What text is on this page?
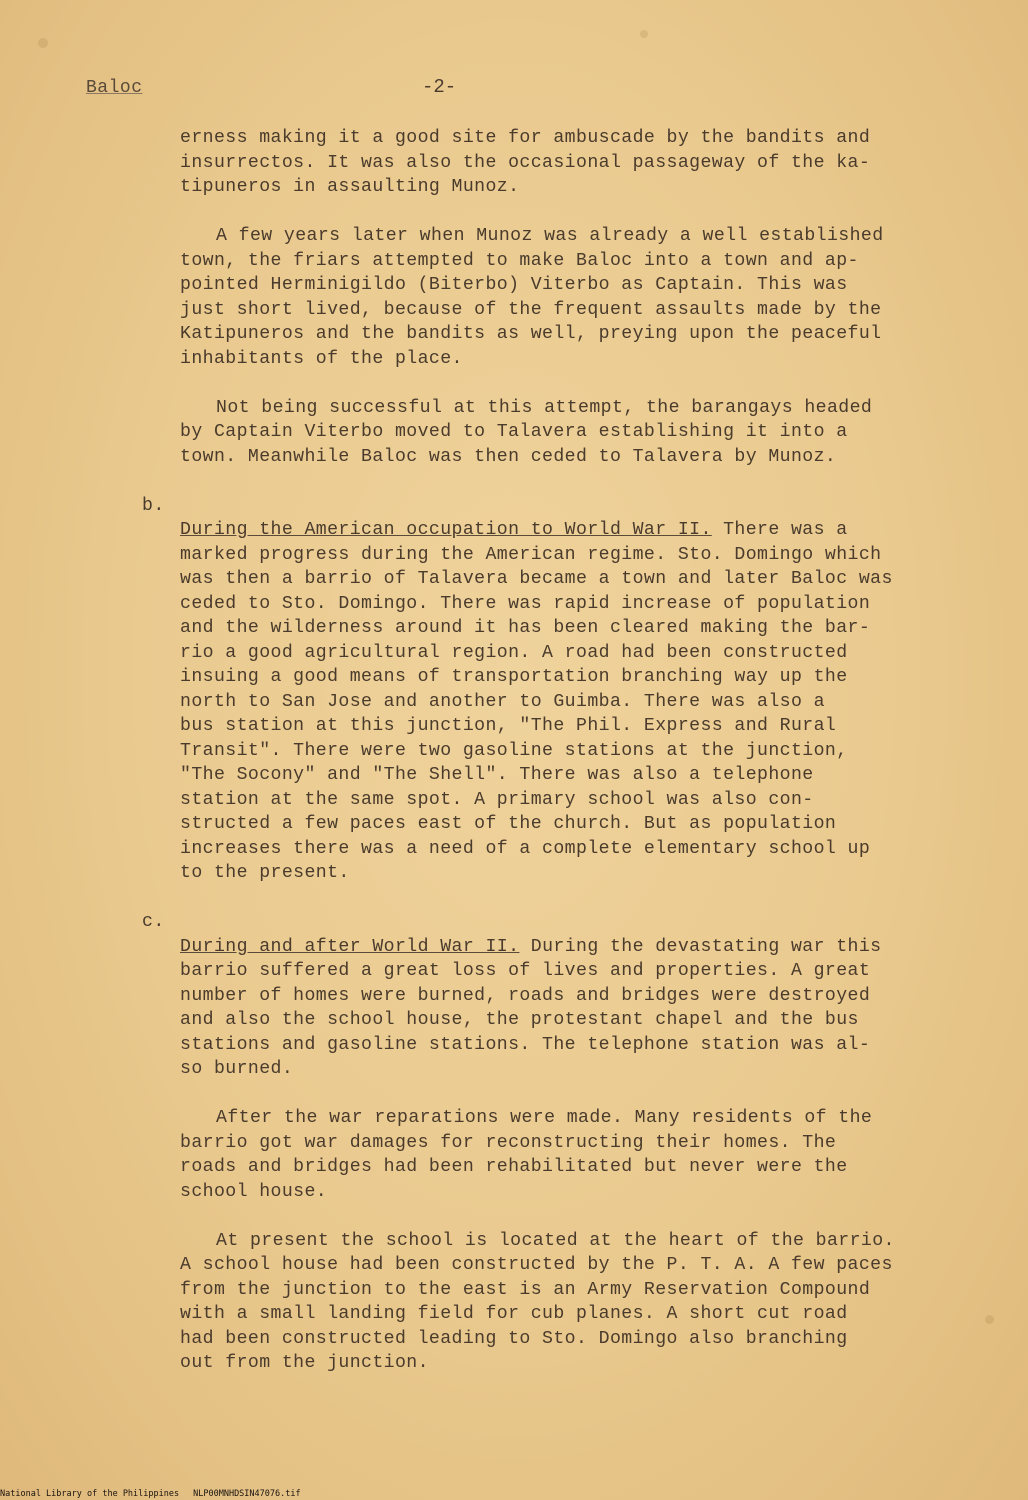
Baloc	-2-

erness making it a good site for ambuscade by the bandits and
insurrectos. It was also the occasional passageway of the ka-
tipuneros in assaulting Munoz.

A few years later when Munoz was already a well established
town, the friars attempted to make Baloc into a town and ap-
pointed Herminigildo (Biterbo) Viterbo as Captain. This was
just short lived, because of the frequent assaults made by the
Katipuneros and the bandits as well, preying upon the peaceful
inhabitants of the place.

Not being successful at this attempt, the barangays headed
by Captain Viterbo moved to Talavera establishing it into a
town. Meanwhile Baloc was then ceded to Talavera by Munoz.

b.
During the American occupation to World War II. There was a
marked progress during the American regime. Sto. Domingo which
was then a barrio of Talavera became a town and later Baloc was
ceded to Sto. Domingo. There was rapid increase of population
and the wilderness around it has been cleared making the bar-
rio a good agricultural region. A road had been constructed
insuing a good means of transportation branching way up the
north to San Jose and another to Guimba. There was also a
bus station at this junction, "The Phil. Express and Rural
Transit". There were two gasoline stations at the junction,
"The Socony" and "The Shell". There was also a telephone
station at the same spot. A primary school was also con-
structed a few paces east of the church. But as population
increases there was a need of a complete elementary school up
to the present.

c.
During and after World War II. During the devastating war this
barrio suffered a great loss of lives and properties. A great
number of homes were burned, roads and bridges were destroyed
and also the school house, the protestant chapel and the bus
stations and gasoline stations. The telephone station was al-
so burned.

After the war reparations were made. Many residents of the
barrio got war damages for reconstructing their homes. The
roads and bridges had been rehabilitated but never were the
school house.

At present the school is located at the heart of the barrio.
A school house had been constructed by the P. T. A. A few paces
from the junction to the east is an Army Reservation Compound
with a small landing field for cub planes. A short cut road
had been constructed leading to Sto. Domingo also branching
out from the junction.

National Library of the Philippines NLP00MNHDSIN47076.tif
